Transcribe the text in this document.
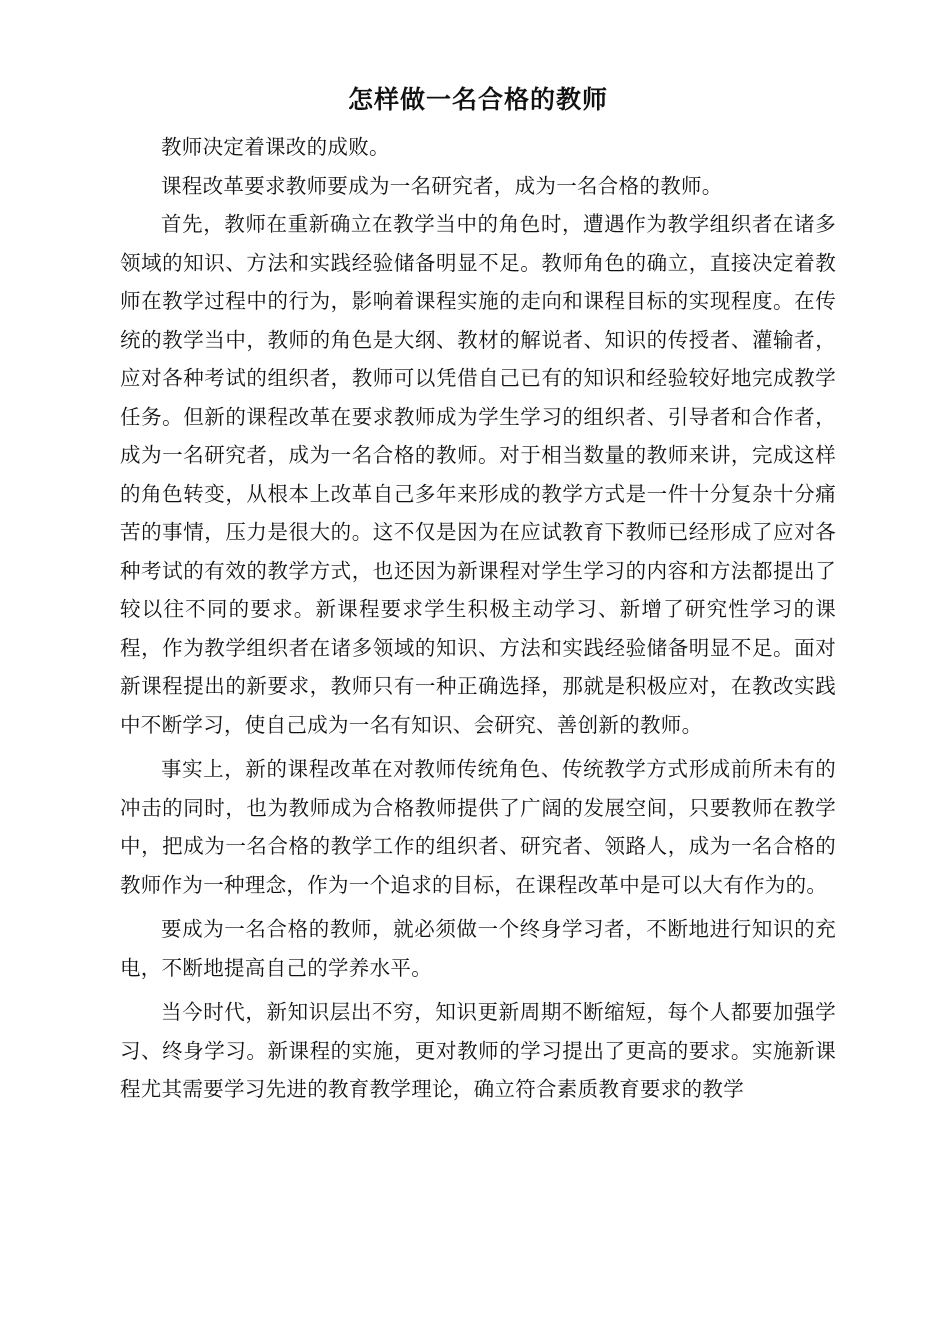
怎样做一名合格的教师

教师决定着课改的成败。

课程改革要求教师要成为一名研究者，成为一名合格的教师。

首先，教师在重新确立在教学当中的角色时，遭遇作为教学组织者在诸多领域的知识、方法和实践经验储备明显不足。教师角色的确立，直接决定着教师在教学过程中的行为，影响着课程实施的走向和课程目标的实现程度。在传统的教学当中，教师的角色是大纲、教材的解说者、知识的传授者、灌输者，应对各种考试的组织者，教师可以凭借自己已有的知识和经验较好地完成教学任务。但新的课程改革在要求教师成为学生学习的组织者、引导者和合作者，成为一名研究者，成为一名合格的教师。对于相当数量的教师来讲，完成这样的角色转变，从根本上改革自己多年来形成的教学方式是一件十分复杂十分痛苦的事情，压力是很大的。这不仅是因为在应试教育下教师已经形成了应对各种考试的有效的教学方式，也还因为新课程对学生学习的内容和方法都提出了较以往不同的要求。新课程要求学生积极主动学习、新增了研究性学习的课程，作为教学组织者在诸多领域的知识、方法和实践经验储备明显不足。面对新课程提出的新要求，教师只有一种正确选择，那就是积极应对，在教改实践中不断学习，使自己成为一名有知识、会研究、善创新的教师。

事实上，新的课程改革在对教师传统角色、传统教学方式形成前所未有的冲击的同时，也为教师成为合格教师提供了广阔的发展空间，只要教师在教学中，把成为一名合格的教学工作的组织者、研究者、领路人，成为一名合格的教师作为一种理念，作为一个追求的目标，在课程改革中是可以大有作为的。

要成为一名合格的教师，就必须做一个终身学习者，不断地进行知识的充电，不断地提高自己的学养水平。

当今时代，新知识层出不穷，知识更新周期不断缩短，每个人都要加强学习、终身学习。新课程的实施，更对教师的学习提出了更高的要求。实施新课程尤其需要学习先进的教育教学理论，确立符合素质教育要求的教学
